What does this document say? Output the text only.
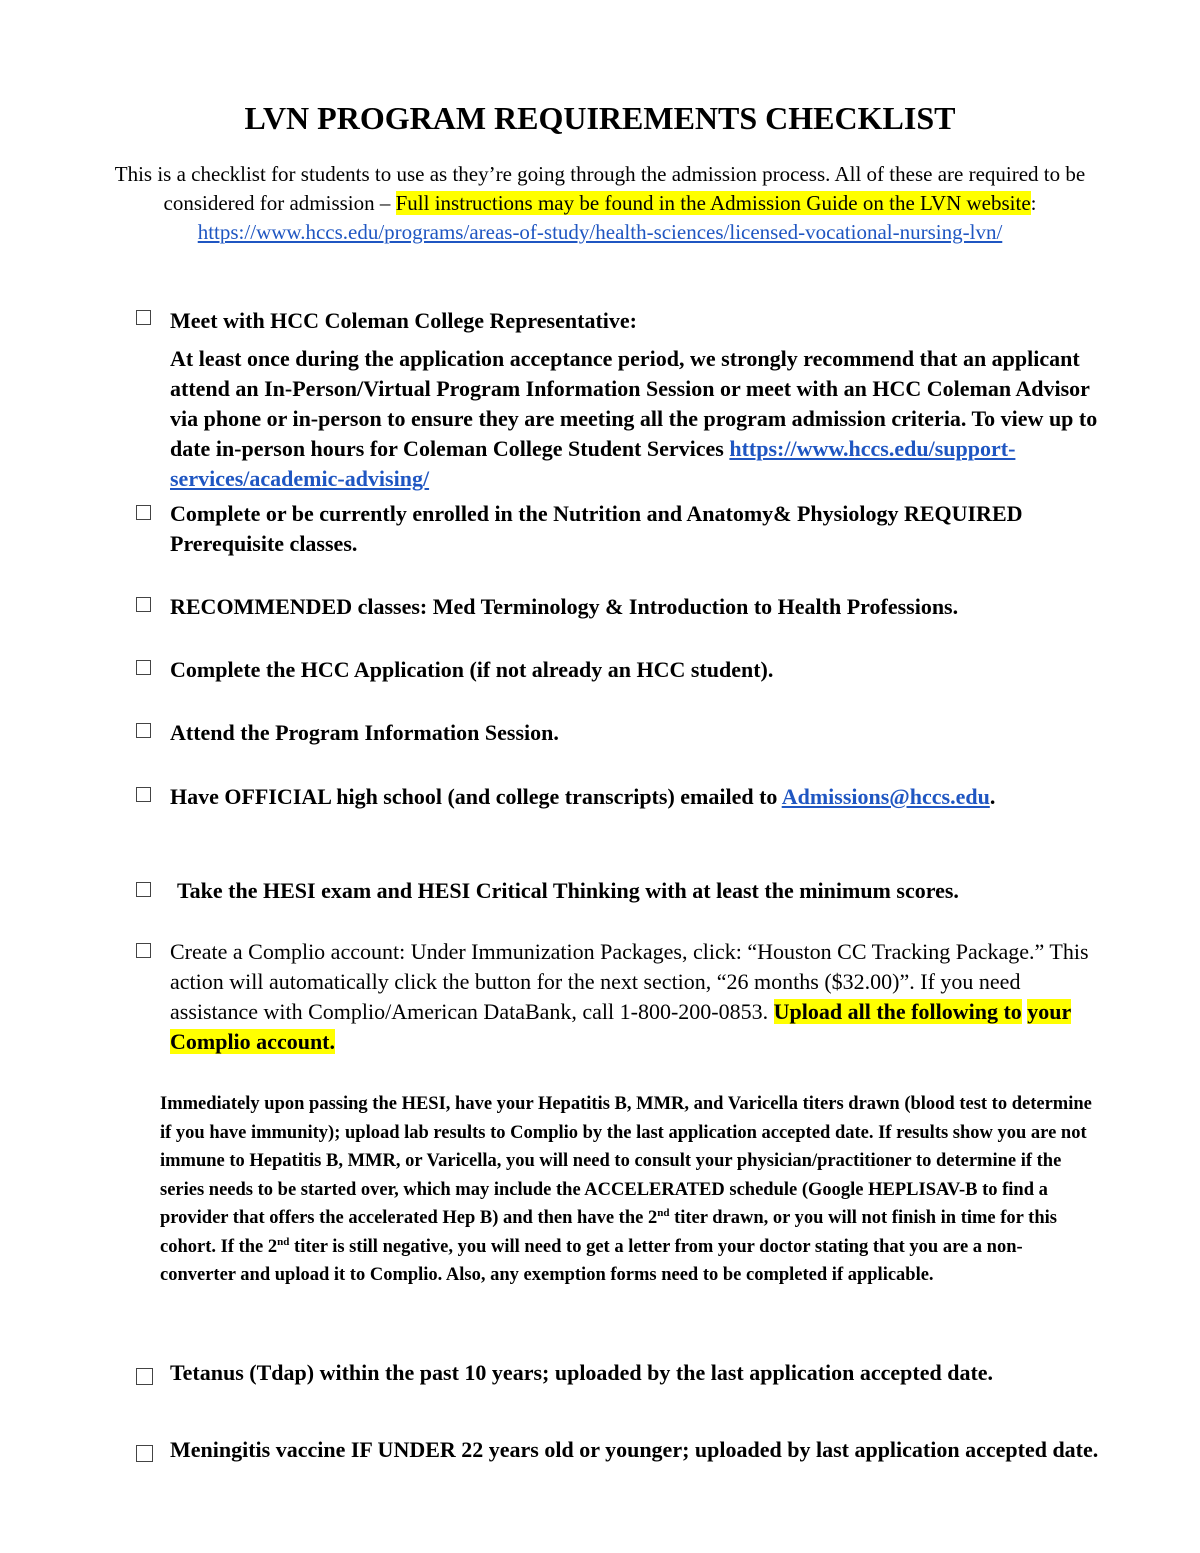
LVN PROGRAM REQUIREMENTS CHECKLIST

This is a checklist for students to use as they’re going through the admission process. All of these are required to be considered for admission – Full instructions may be found in the Admission Guide on the LVN website: https://www.hccs.edu/programs/areas-of-study/health-sciences/licensed-vocational-nursing-lvn/

Meet with HCC Coleman College Representative:

At least once during the application acceptance period, we strongly recommend that an applicant attend an In-Person/Virtual Program Information Session or meet with an HCC Coleman Advisor via phone or in-person to ensure they are meeting all the program admission criteria. To view up to date in-person hours for Coleman College Student Services https://www.hccs.edu/support-services/academic-advising/

Complete or be currently enrolled in the Nutrition and Anatomy& Physiology REQUIRED Prerequisite classes.

RECOMMENDED classes: Med Terminology & Introduction to Health Professions.

Complete the HCC Application (if not already an HCC student).

Attend the Program Information Session.

Have OFFICIAL high school (and college transcripts) emailed to Admissions@hccs.edu.

Take the HESI exam and HESI Critical Thinking with at least the minimum scores.

Create a Complio account: Under Immunization Packages, click: “Houston CC Tracking Package.” This action will automatically click the button for the next section, “26 months ($32.00)”. If you need assistance with Complio/American DataBank, call 1-800-200-0853. Upload all the following to your Complio account.

Immediately upon passing the HESI, have your Hepatitis B, MMR, and Varicella titers drawn (blood test to determine if you have immunity); upload lab results to Complio by the last application accepted date. If results show you are not immune to Hepatitis B, MMR, or Varicella, you will need to consult your physician/practitioner to determine if the series needs to be started over, which may include the ACCELERATED schedule (Google HEPLISAV-B to find a provider that offers the accelerated Hep B) and then have the 2nd titer drawn, or you will not finish in time for this cohort. If the 2nd titer is still negative, you will need to get a letter from your doctor stating that you are a non-converter and upload it to Complio. Also, any exemption forms need to be completed if applicable.

Tetanus (Tdap) within the past 10 years; uploaded by the last application accepted date.

Meningitis vaccine IF UNDER 22 years old or younger; uploaded by last application accepted date.
